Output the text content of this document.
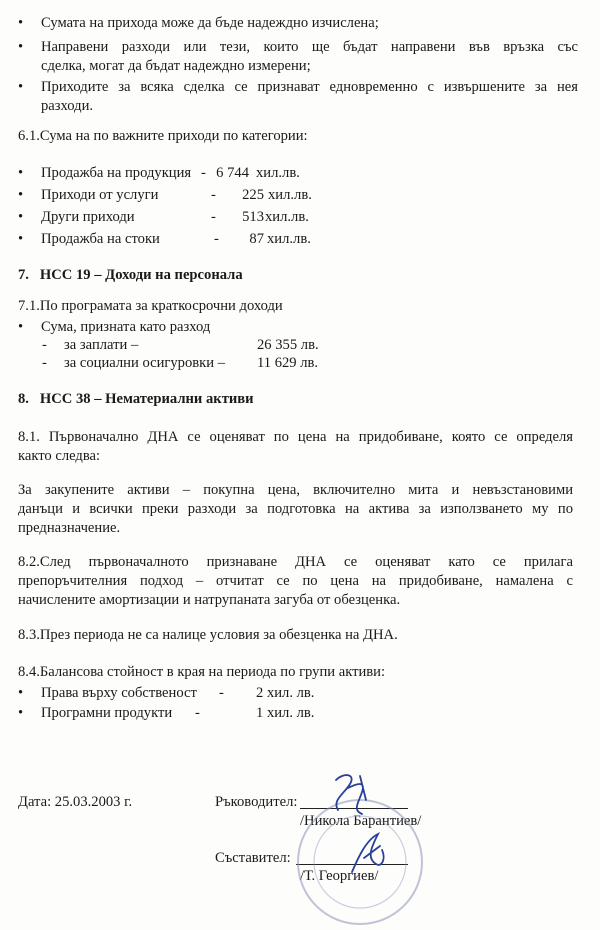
•	Сумата на прихода може да бъде надеждно изчислена;
•	Направени разходи или тези, които ще бъдат направени във връзка със
сделка, могат да бъдат надеждно измерени;
•	Приходите за всяка сделка се признават едновременно с извършените за нея
разходи.
6.1.Сума на по важните приходи по категории:
• Продажба на продукция - 6 744 хил.лв.
• Приходи от услуги	-	225 хил.лв.
• Други приходи	-	513 хил.лв.
• Продажба на стоки	-	87 хил.лв.
7.   НСС 19 – Доходи на персонала
7.1.По програмата за краткосрочни доходи
• Сума, призната като разход
- за заплати –	26 355 лв.
- за социални осигуровки – 11 629 лв.
8.   НСС 38 – Нематериални активи
8.1. Първоначално ДНА се оценяват по цена на придобиване, която се определя
както следва:
За закупените активи – покупна цена, включително мита и невъзстановими
данъци и всички преки разходи за подготовка на актива за използването му по
предназначение.
8.2.След първоначалното признаване ДНА се оценяват като се прилага
препоръчителния подход – отчитат се по цена на придобиване, намалена с
начислените амортизации и натрупаната загуба от обезценка.
8.3.През периода не са налице условия за обезценка на ДНА.
8.4.Балансова стойност в края на периода по групи активи:
• Права върху собственост - 2 хил. лв.
• Програмни продукти -	1 хил. лв.
Дата: 25.03.2003 г.	Ръководител:
/Никола Барантиев/
Съставител:
/Т. Георгиев/
